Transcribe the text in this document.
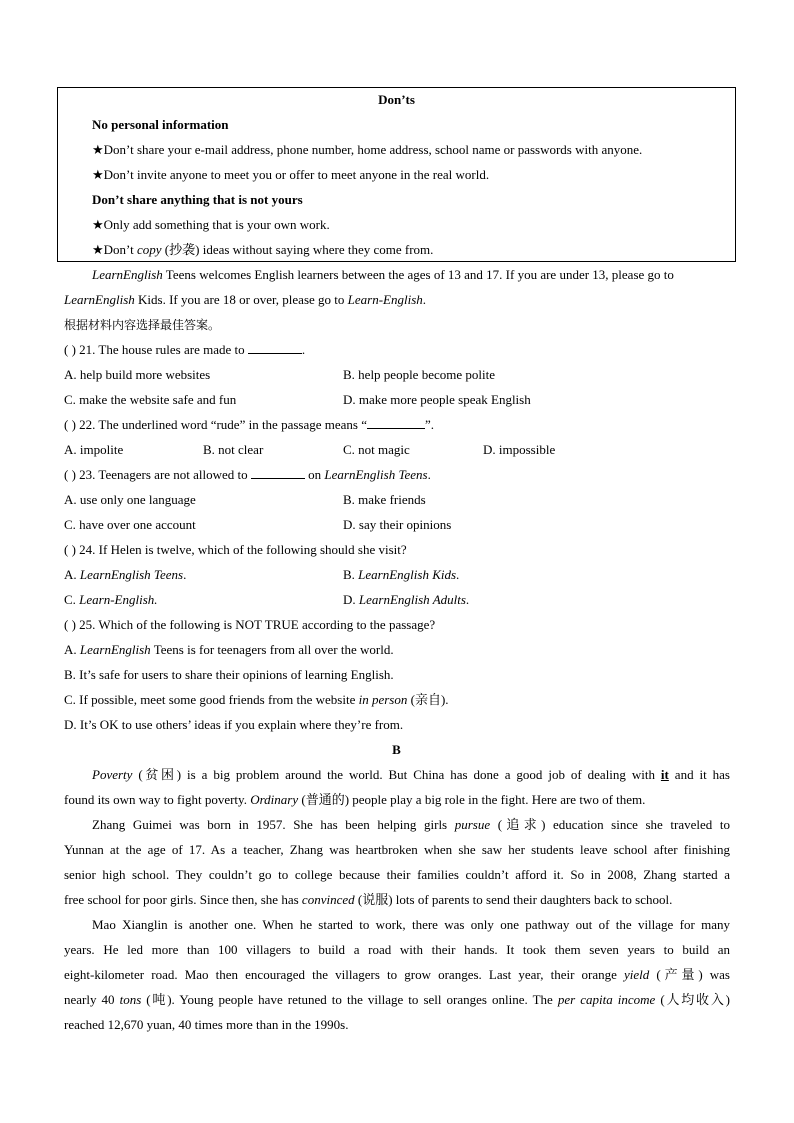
Don’ts
No personal information
★Don’t share your e-mail address, phone number, home address, school name or passwords with anyone.
★Don’t invite anyone to meet you or offer to meet anyone in the real world.
Don’t share anything that is not yours
★Only add something that is your own work.
★Don’t copy (抄袭) ideas without saying where they come from.
LearnEnglish Teens welcomes English learners between the ages of 13 and 17. If you are under 13, please go to
LearnEnglish Kids. If you are 18 or over, please go to Learn-English.
根据材料内容选择最佳答案。
( ) 21. The house rules are made to	.
A. help build more websites	B. help people become polite
C. make the website safe and fun	D. make more people speak English
( ) 22. The underlined word “rude” in the passage means “	”.
A. impolite	B. not clear	C. not magic	D. impossible
( ) 23. Teenagers are not allowed to	on LearnEnglish Teens.
A. use only one language	B. make friends
C. have over one account	D. say their opinions
( ) 24. If Helen is twelve, which of the following should she visit?
A. LearnEnglish Teens.	B. LearnEnglish Kids.
C. Learn-English.	D. LearnEnglish Adults.
( ) 25. Which of the following is NOT TRUE according to the passage?
A. LearnEnglish Teens is for teenagers from all over the world.
B. It’s safe for users to share their opinions of learning English.
C. If possible, meet some good friends from the website in person (亲自).
D. It’s OK to use others’ ideas if you explain where they’re from.
B
Poverty (贫困) is a big problem around the world. But China has done a good job of dealing with it and it has
found its own way to fight poverty. Ordinary (普通的) people play a big role in the fight. Here are two of them.
Zhang Guimei was born in 1957. She has been helping girls pursue (追求) education since she traveled to
Yunnan at the age of 17. As a teacher, Zhang was heartbroken when she saw her students leave school after finishing
senior high school. They couldn’t go to college because their families couldn’t afford it. So in 2008, Zhang started a
free school for poor girls. Since then, she has convinced (说服) lots of parents to send their daughters back to school.
Mao Xianglin is another one. When he started to work, there was only one pathway out of the village for many
years. He led more than 100 villagers to build a road with their hands. It took them seven years to build an
eight-kilometer road. Mao then encouraged the villagers to grow oranges. Last year, their orange yield (产量) was
nearly 40 tons (吨). Young people have retuned to the village to sell oranges online. The per capita income (人均收入)
reached 12,670 yuan, 40 times more than in the 1990s.
